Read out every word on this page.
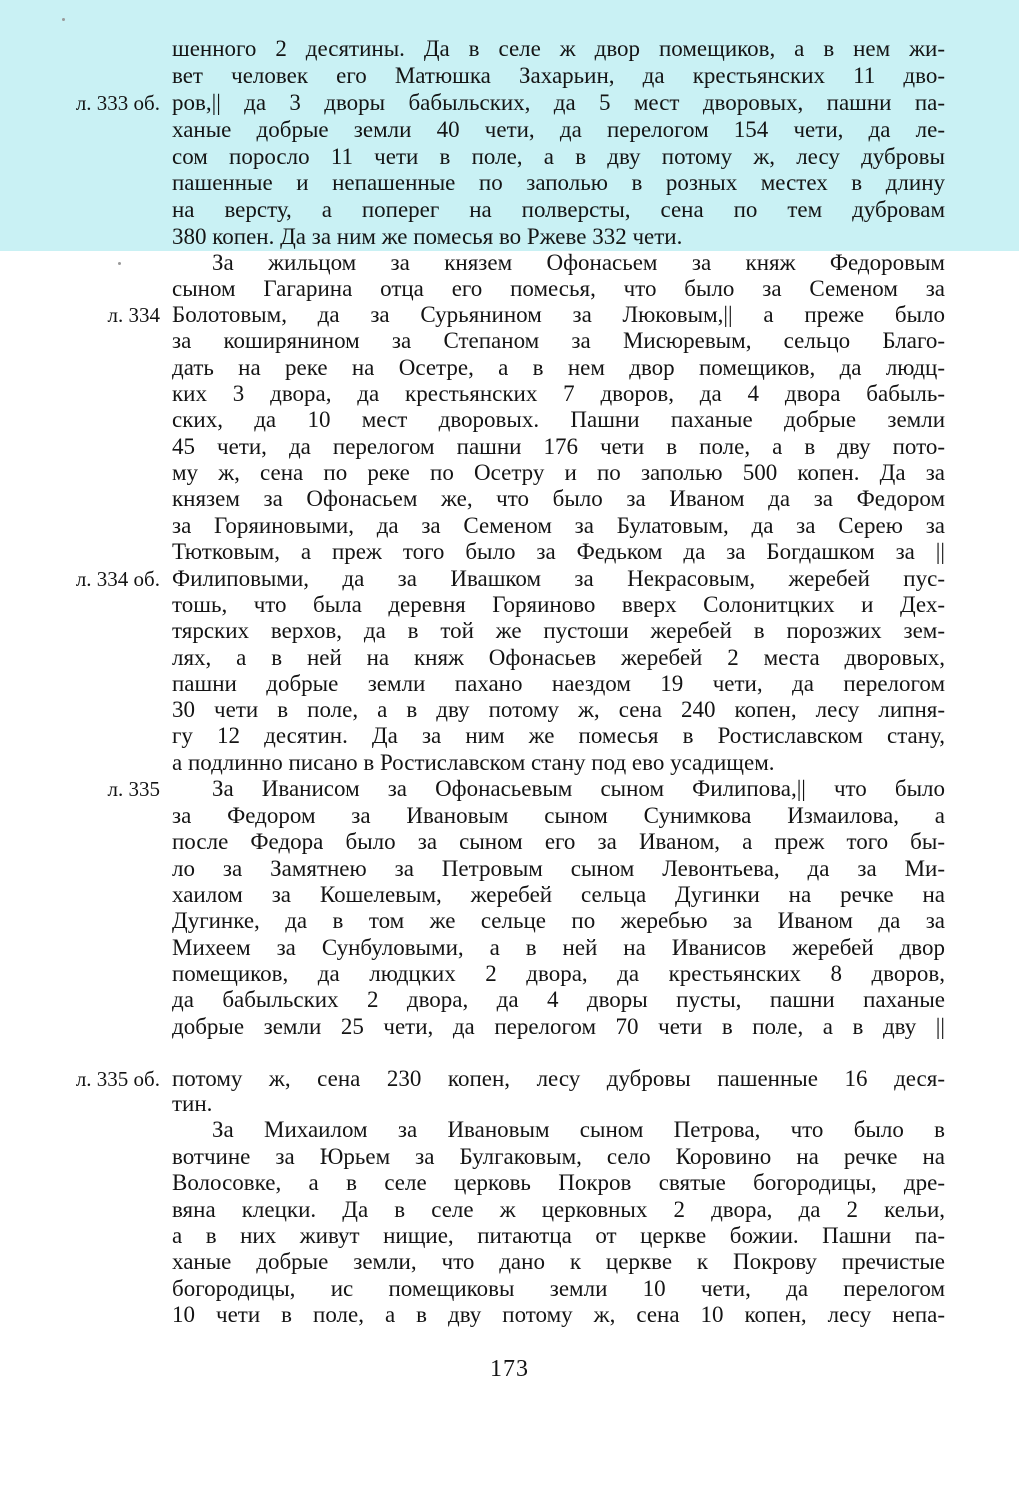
л. 333 об.
л. 334
л. 334 об.
л. 335
л. 335 об.
шенного 2 десятины. Да в селе ж двор помещиков, а в нем жи-
вет человек его Матюшка Захарьин, да крестьянских 11 дво-
ров,|| да 3 дворы бабыльских, да 5 мест дворовых, пашни па-
ханые добрые земли 40 чети, да перелогом 154 чети, да ле-
сом поросло 11 чети в поле, а в дву потому ж, лесу дубровы
пашенные и непашенные по заполью в розных местех в длину
на версту, а поперег на полверсты, сена по тем дубровам
380 копен. Да за ним же помесья во Ржеве 332 чети.
За жильцом за князем Офонасьем за княж Федоровым
сыном Гагарина отца его помесья, что было за Семеном за
Болотовым, да за Сурьянином за Люковым,|| а преже было
за коширянином за Степаном за Мисюревым, сельцо Благо-
дать на реке на Осетре, а в нем двор помещиков, да людц-
ких 3 двора, да крестьянских 7 дворов, да 4 двора бабыль-
ских, да 10 мест дворовых. Пашни паханые добрые земли
45 чети, да перелогом пашни 176 чети в поле, а в дву пото-
му ж, сена по реке по Осетру и по заполью 500 копен. Да за
князем за Офонасьем же, что было за Иваном да за Федором
за Горяиновыми, да за Семеном за Булатовым, да за Серею за
Тютковым, а преж того было за Федьком да за Богдашком за ||
Филиповыми, да за Ивашком за Некрасовым, жеребей пус-
тошь, что была деревня Горяиново вверх Солонитцких и Дех-
тярских верхов, да в той же пустоши жеребей в порозжих зем-
лях, а в ней на княж Офонасьев жеребей 2 места дворовых,
пашни добрые земли пахано наездом 19 чети, да перелогом
30 чети в поле, а в дву потому ж, сена 240 копен, лесу липня-
гу 12 десятин. Да за ним же помесья в Ростиславском стану,
а подлинно писано в Ростиславском стану под ево усадищем.
За Иванисом за Офонасьевым сыном Филипова,|| что было
за Федором за Ивановым сыном Сунимкова Измаилова, а
после Федора было за сыном его за Иваном, а преж того бы-
ло за Замятнею за Петровым сыном Левонтьева, да за Ми-
хаилом за Кошелевым, жеребей сельца Дугинки на речке на
Дугинке, да в том же сельце по жеребью за Иваном да за
Михеем за Сунбуловыми, а в ней на Иванисов жеребей двор
помещиков, да людцких 2 двора, да крестьянских 8 дворов,
да бабыльских 2 двора, да 4 дворы пусты, пашни паханые
добрые земли 25 чети, да перелогом 70 чети в поле, а в дву ||
потому ж, сена 230 копен, лесу дубровы пашенные 16 деся-
тин.
За Михаилом за Ивановым сыном Петрова, что было в
вотчине за Юрьем за Булгаковым, село Коровино на речке на
Волосовке, а в селе церковь Покров святые богородицы, дре-
вяна клецки. Да в селе ж церковных 2 двора, да 2 кельи,
а в них живут нищие, питаютца от церкве божии. Пашни па-
ханые добрые земли, что дано к церкве к Покрову пречистые
богородицы, ис помещиковы земли 10 чети, да перелогом
10 чети в поле, а в дву потому ж, сена 10 копен, лесу непа-
173
